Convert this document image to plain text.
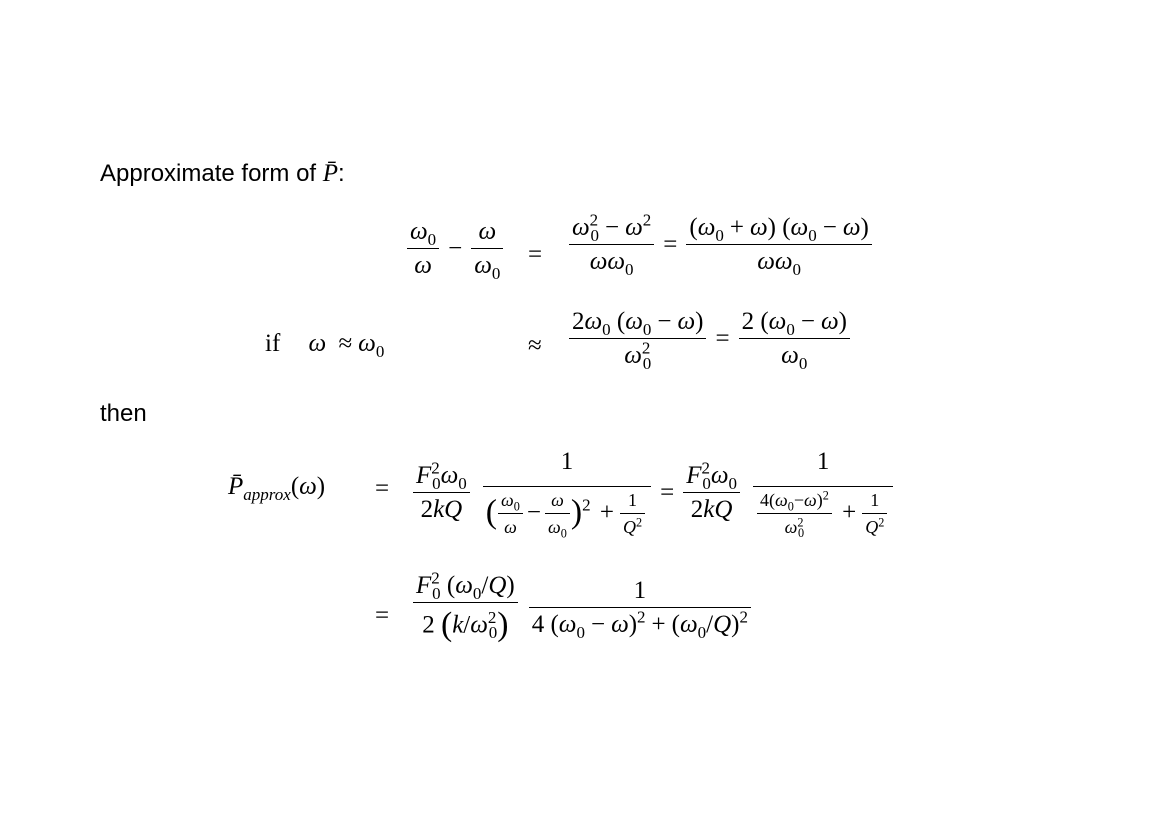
Approximate form of P̄:
$\frac{\omega_0}{\omega} - \frac{\omega}{\omega_0} = \frac{\omega^2_0 - \omega^2}{\omega\omega_0} = \frac{(\omega_0 + \omega) (\omega_0 - \omega)}{\omega\omega_0}$
if $\omega \approx \omega_0$	≈ $\frac{2\omega_0 (\omega_0 - \omega)}{\omega^2_0} = \frac{2 (\omega_0 - \omega)}{\omega_0}$
then
$P̄_{approx}(\omega) = \frac{F^2_0\omega_0}{2kQ} \frac{1}{( \frac{\omega_0}{\omega} - \frac{\omega}{\omega_0} )^2 + \frac{1}{Q^2}} = \frac{F^2_0\omega_0}{2kQ} \frac{1}{\frac{4(\omega_0-\omega)^2}{\omega^2_0} + \frac{1}{Q^2}}$
= $\frac{F^2_0 (\omega_0/Q)}{2 (k/\omega^2_0)} \frac{1}{4 (\omega_0 - \omega)^2 + (\omega_0/Q)^2}$
